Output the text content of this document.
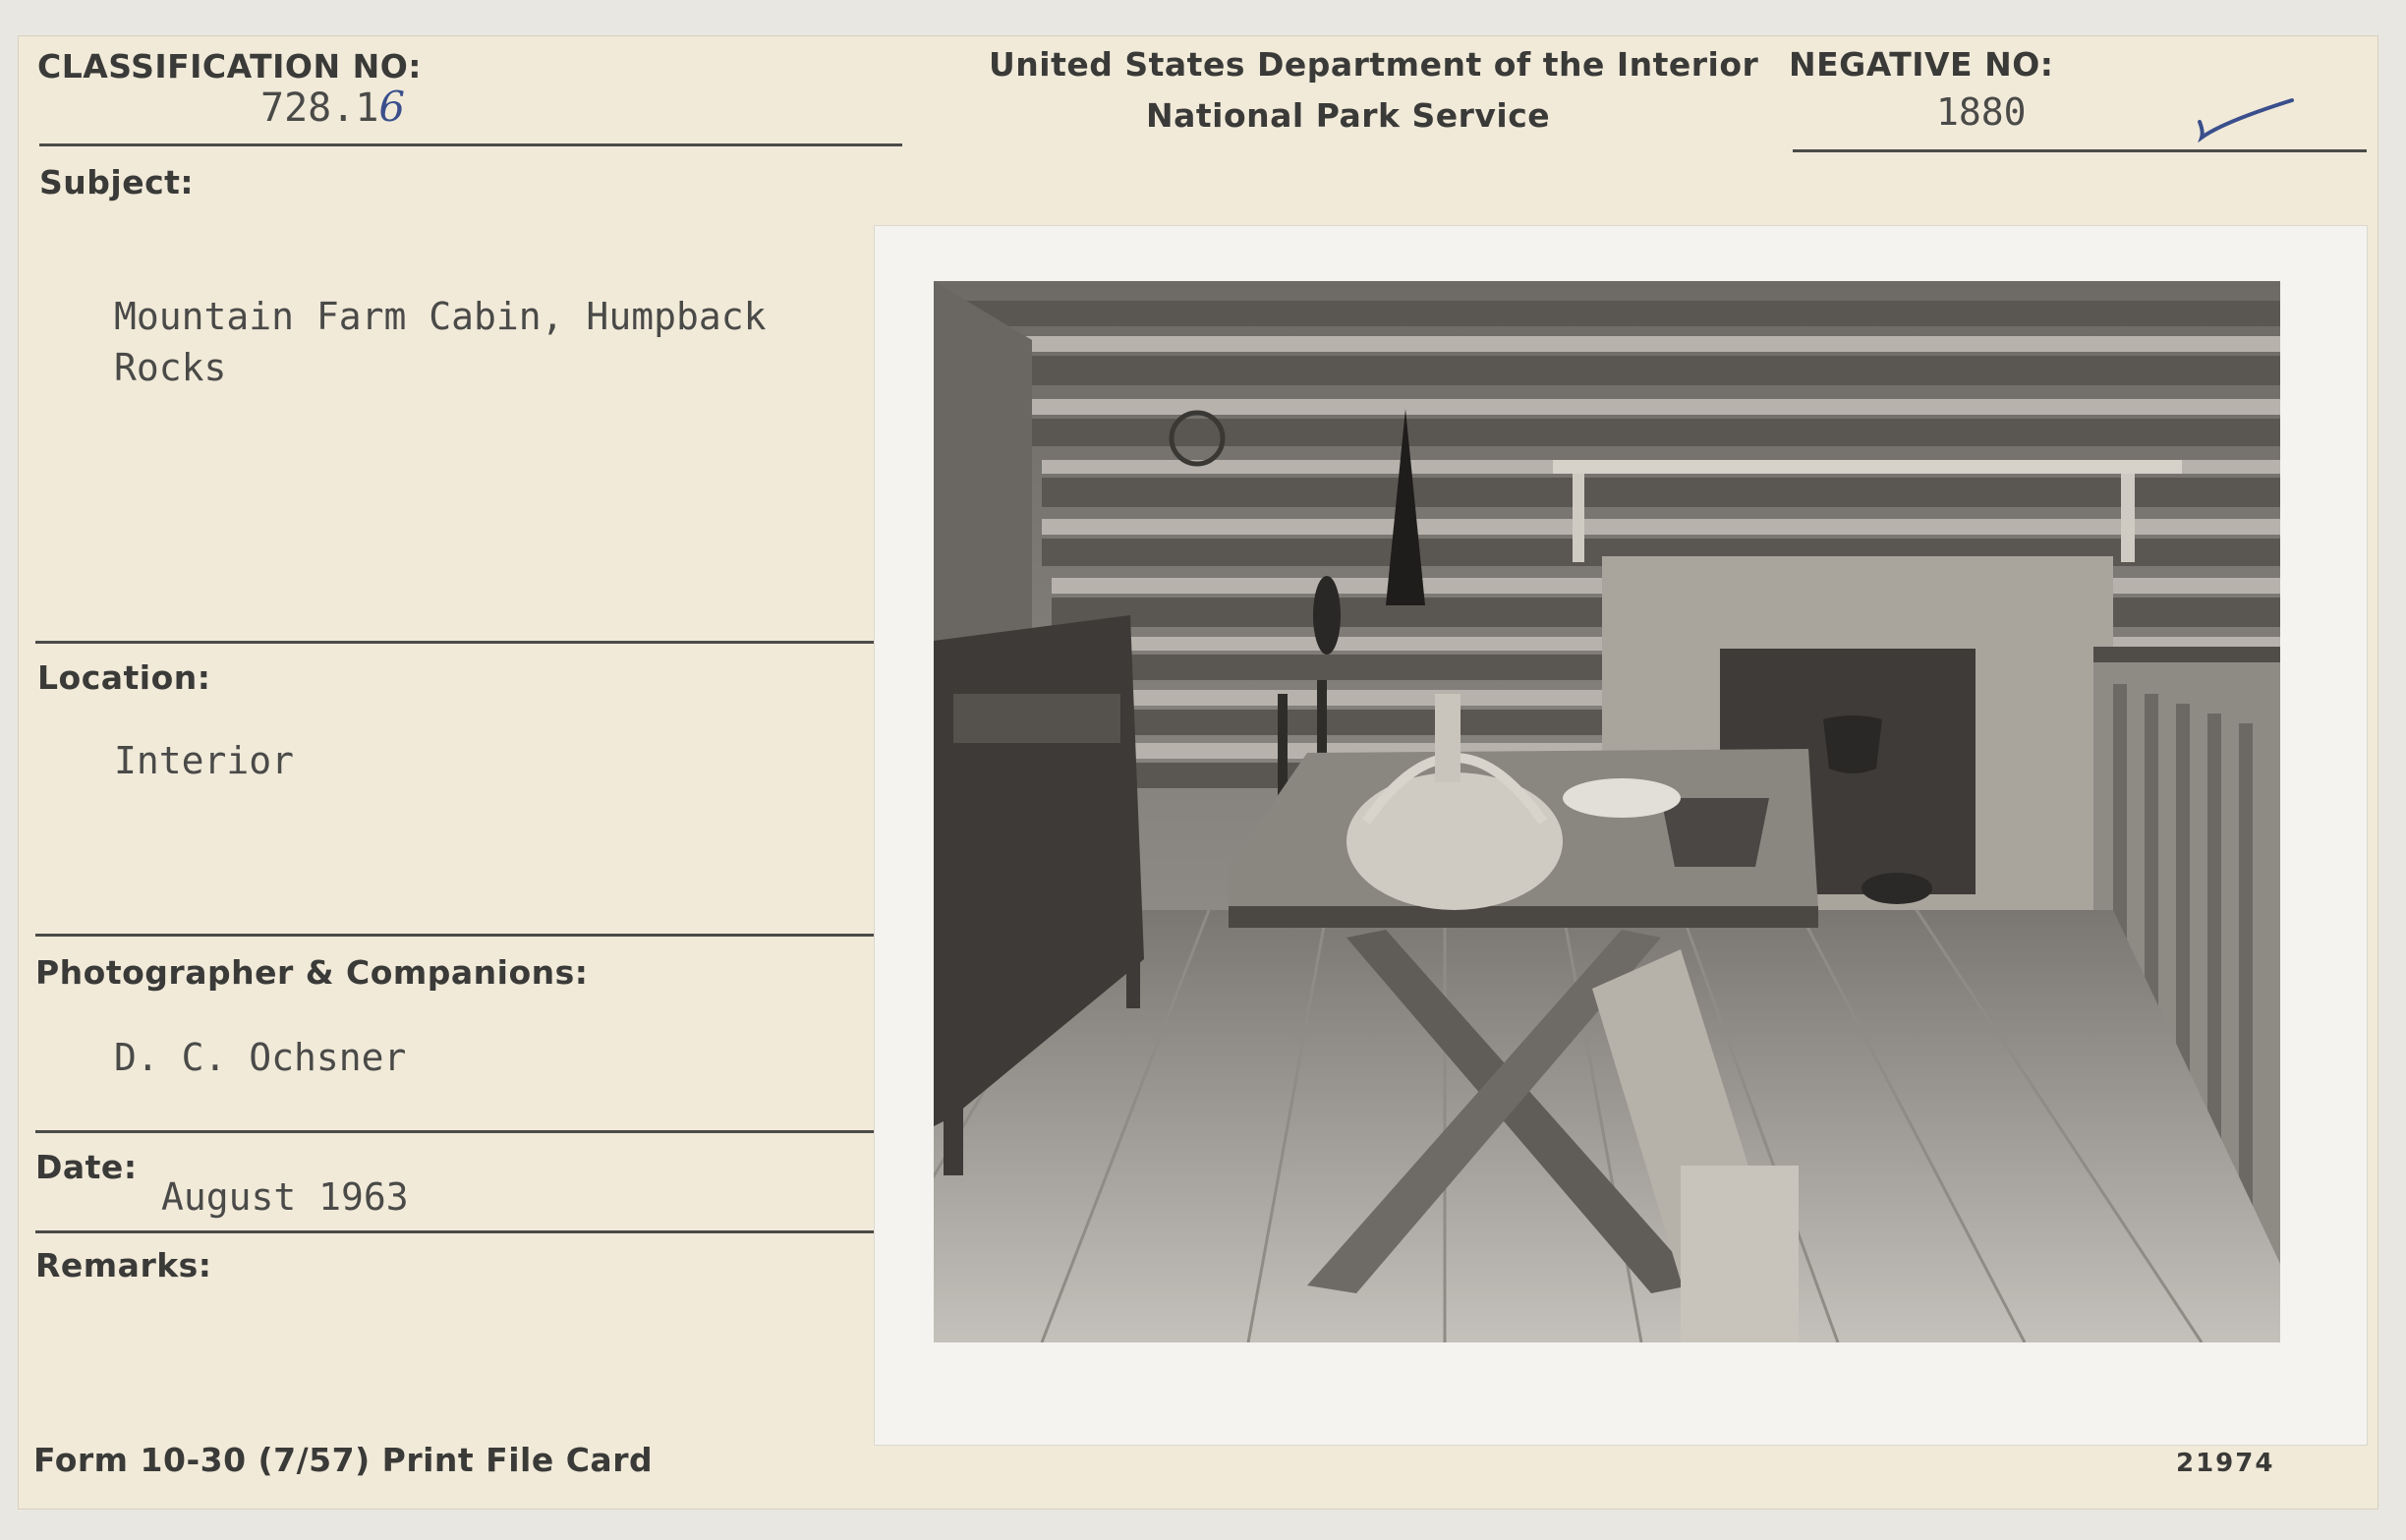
CLASSIFICATION NO:
728.16
United States Department of the Interior
National Park Service
NEGATIVE NO:
1880
Subject:
Mountain Farm Cabin, Humpback
Rocks
Location:
Interior
Photographer & Companions:
D. C. Ochsner
Date:
August 1963
Remarks:
Form 10-30 (7/57) Print File Card	21974
